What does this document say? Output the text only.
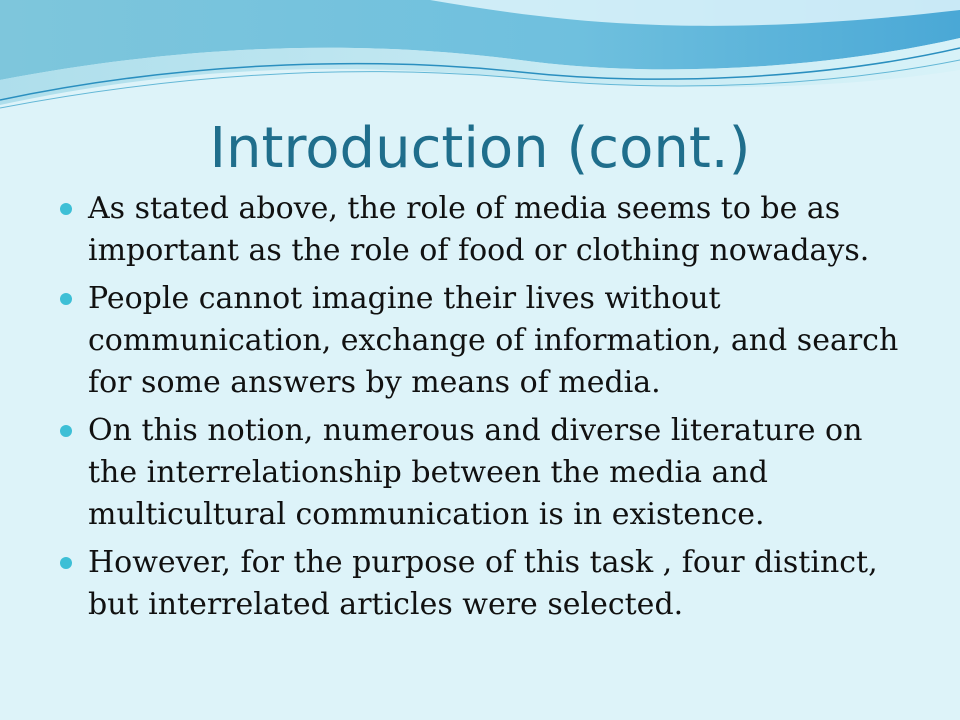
Introduction (cont.)
As stated above, the role of media seems to be as important as the role of food or clothing nowadays.
People cannot imagine their lives without communication, exchange of information, and search for some answers by means of media.
On this notion, numerous and diverse literature on the interrelationship between the media and multicultural communication is in existence.
However, for the purpose of this task , four distinct, but interrelated articles were selected.
